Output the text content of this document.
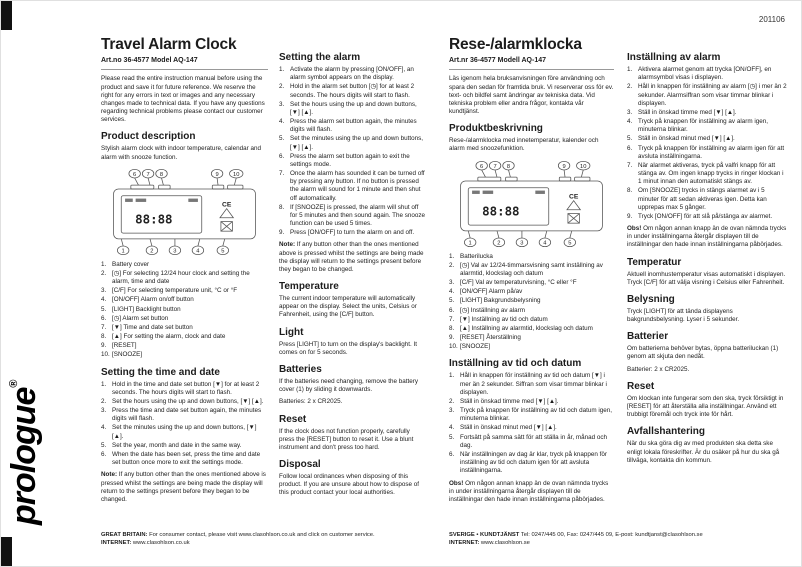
201106
prologue®
Travel Alarm Clock
Art.no 36-4577 Model AQ-147

Please read the entire instruction manual before using the product and save it for future reference. We reserve the right for any errors in text or images and any necessary changes made to technical data. If you have any questions regarding technical problems please contact our customer services.

Product description

Stylish alarm clock with indoor temperature, calendar and alarm with snooze function.

6 7 8	9 10
88:88
CE
1	2	3	4	5
Battery cover
[◷] For selecting 12/24 hour clock and setting the alarm, time and date
[C/F] For selecting temperature unit, °C or °F
[ON/OFF] Alarm on/off button
[LIGHT] Backlight button
[◷] Alarm set button
[▼] Time and date set button
[▲] For setting the alarm, clock and date
[RESET]
[SNOOZE]
Setting the time and date
Hold in the time and date set button [▼] for at least 2 seconds. The hours digits will start to flash.
Set the hours using the up and down buttons, [▼] [▲].
Press the time and date set button again, the minutes digits will flash.
Set the minutes using the up and down buttons, [▼] [▲].
Set the year, month and date in the same way.
When the date has been set, press the time and date set button once more to exit the settings mode.

Note: If any button other than the ones mentioned above is pressed whilst the settings are being made the display will return to the settings present before they began to be changed.

Setting the alarm
Activate the alarm by pressing [ON/OFF], an alarm symbol appears on the display.
Hold in the alarm set button [◷] for at least 2 seconds. The hours digits will start to flash.
Set the hours using the up and down buttons, [▼] [▲].
Press the alarm set button again, the minutes digits will flash.
Set the minutes using the up and down buttons, [▼] [▲].
Press the alarm set button again to exit the settings mode.
Once the alarm has sounded it can be turned off by pressing any button. If no button is pressed the alarm will sound for 1 minute and then shut off automatically.
If [SNOOZE] is pressed, the alarm will shut off for 5 minutes and then sound again. The snooze function can be used 5 times.
Press [ON/OFF] to turn the alarm on and off.

Note: If any button other than the ones mentioned above is pressed whilst the settings are being made the display will return to the settings present before they began to be changed.

Temperature

The current indoor temperature will automatically appear on the display. Select the units, Celsius or Fahrenheit, using the [C/F] button.

Light

Press [LIGHT] to turn on the display's backlight. It comes on for 5 seconds.

Batteries

If the batteries need changing, remove the battery cover (1) by sliding it downwards.

Batteries: 2 x CR2025.

Reset

If the clock does not function properly, carefully press the [RESET] button to reset it. Use a blunt instrument and don't press too hard.

Disposal

Follow local ordinances when disposing of this product. If you are unsure about how to dispose of this product contact your local authorities.

Rese-/alarmklocka
Art.nr 36-4577 Modell AQ-147

Läs igenom hela bruksanvisningen före användning och spara den sedan för framtida bruk. Vi reserverar oss för ev. text- och bildfel samt ändringar av tekniska data. Vid tekniska problem eller andra frågor, kontakta vår kundtjänst.

Produktbeskrivning

Rese-/alarmklocka med innetemperatur, kalender och alarm med snoozefunktion.

6 7 8	9 10
88:88
CE
1	2	3	4	5
Batterilucka
[◷] Val av 12/24-timmarsvisning samt inställning av alarmtid, klockslag och datum
[C/F] Val av temperaturvisning, °C eller °F
[ON/OFF] Alarm på/av
[LIGHT] Bakgrundsbelysning
[◷] Inställning av alarm
[▼] Inställning av tid och datum
[▲] Inställning av alarmtid, klockslag och datum
[RESET] Återställning
[SNOOZE]
Inställning av tid och datum
Håll in knappen för inställning av tid och datum [▼] i mer än 2 sekunder. Siffran som visar timmar blinkar i displayen.
Ställ in önskad timme med [▼] [▲].
Tryck på knappen för inställning av tid och datum igen, minuterna blinkar.
Ställ in önskad minut med [▼] [▲].
Fortsätt på samma sätt för att ställa in år, månad och dag.
När inställningen av dag är klar, tryck på knappen för inställning av tid och datum igen för att avsluta inställningarna.

Obs! Om någon annan knapp än de ovan nämnda trycks in under inställningarna återgår displayen till de inställningar den hade innan inställningarna påbörjades.

Inställning av alarm
Aktivera alarmet genom att trycka [ON/OFF], en alarmsymbol visas i displayen.
Håll in knappen för inställning av alarm [◷] i mer än 2 sekunder. Alarmsiffran som visar timmar blinkar i displayen.
Ställ in önskad timme med [▼] [▲].
Tryck på knappen för inställning av alarm igen, minuterna blinkar.
Ställ in önskad minut med [▼] [▲].
Tryck på knappen för inställning av alarm igen för att avsluta inställningarna.
När alarmet aktiveras, tryck på valfri knapp för att stänga av. Om ingen knapp trycks in ringer klockan i 1 minut innan den automatiskt stängs av.
Om [SNOOZE] trycks in stängs alarmet av i 5 minuter för att sedan aktiveras igen. Detta kan upprepas max 5 gånger.
Tryck [ON/OFF] för att slå på/stänga av alarmet.

Obs! Om någon annan knapp än de ovan nämnda trycks in under inställningarna återgår displayen till de inställningar den hade innan inställningarna påbörjades.

Temperatur

Aktuell inomhustemperatur visas automatiskt i displayen. Tryck [C/F] för att välja visning i Celsius eller Fahrenheit.

Belysning

Tryck [LIGHT] för att tända displayens bakgrundsbelysning. Lyser i 5 sekunder.

Batterier

Om batterierna behöver bytas, öppna batteriluckan (1) genom att skjuta den nedåt.

Batterier: 2 x CR2025.

Reset

Om klockan inte fungerar som den ska, tryck försiktigt in [RESET] för att återställa alla inställningar. Använd ett trubbigt föremål och tryck inte för hårt.

Avfallshantering

När du ska göra dig av med produkten ska detta ske enligt lokala föreskrifter. Är du osäker på hur du ska gå tillväga, kontakta din kommun.

GREAT BRITAIN: For consumer contact, please visit www.clasohlson.co.uk and click on customer service.
INTERNET: www.clasohlson.co.uk
SVERIGE • KUNDTJÄNST Tel: 0247/445 00, Fax: 0247/445 09, E-post: kundtjanst@clasohlson.se
INTERNET: www.clasohlson.se
